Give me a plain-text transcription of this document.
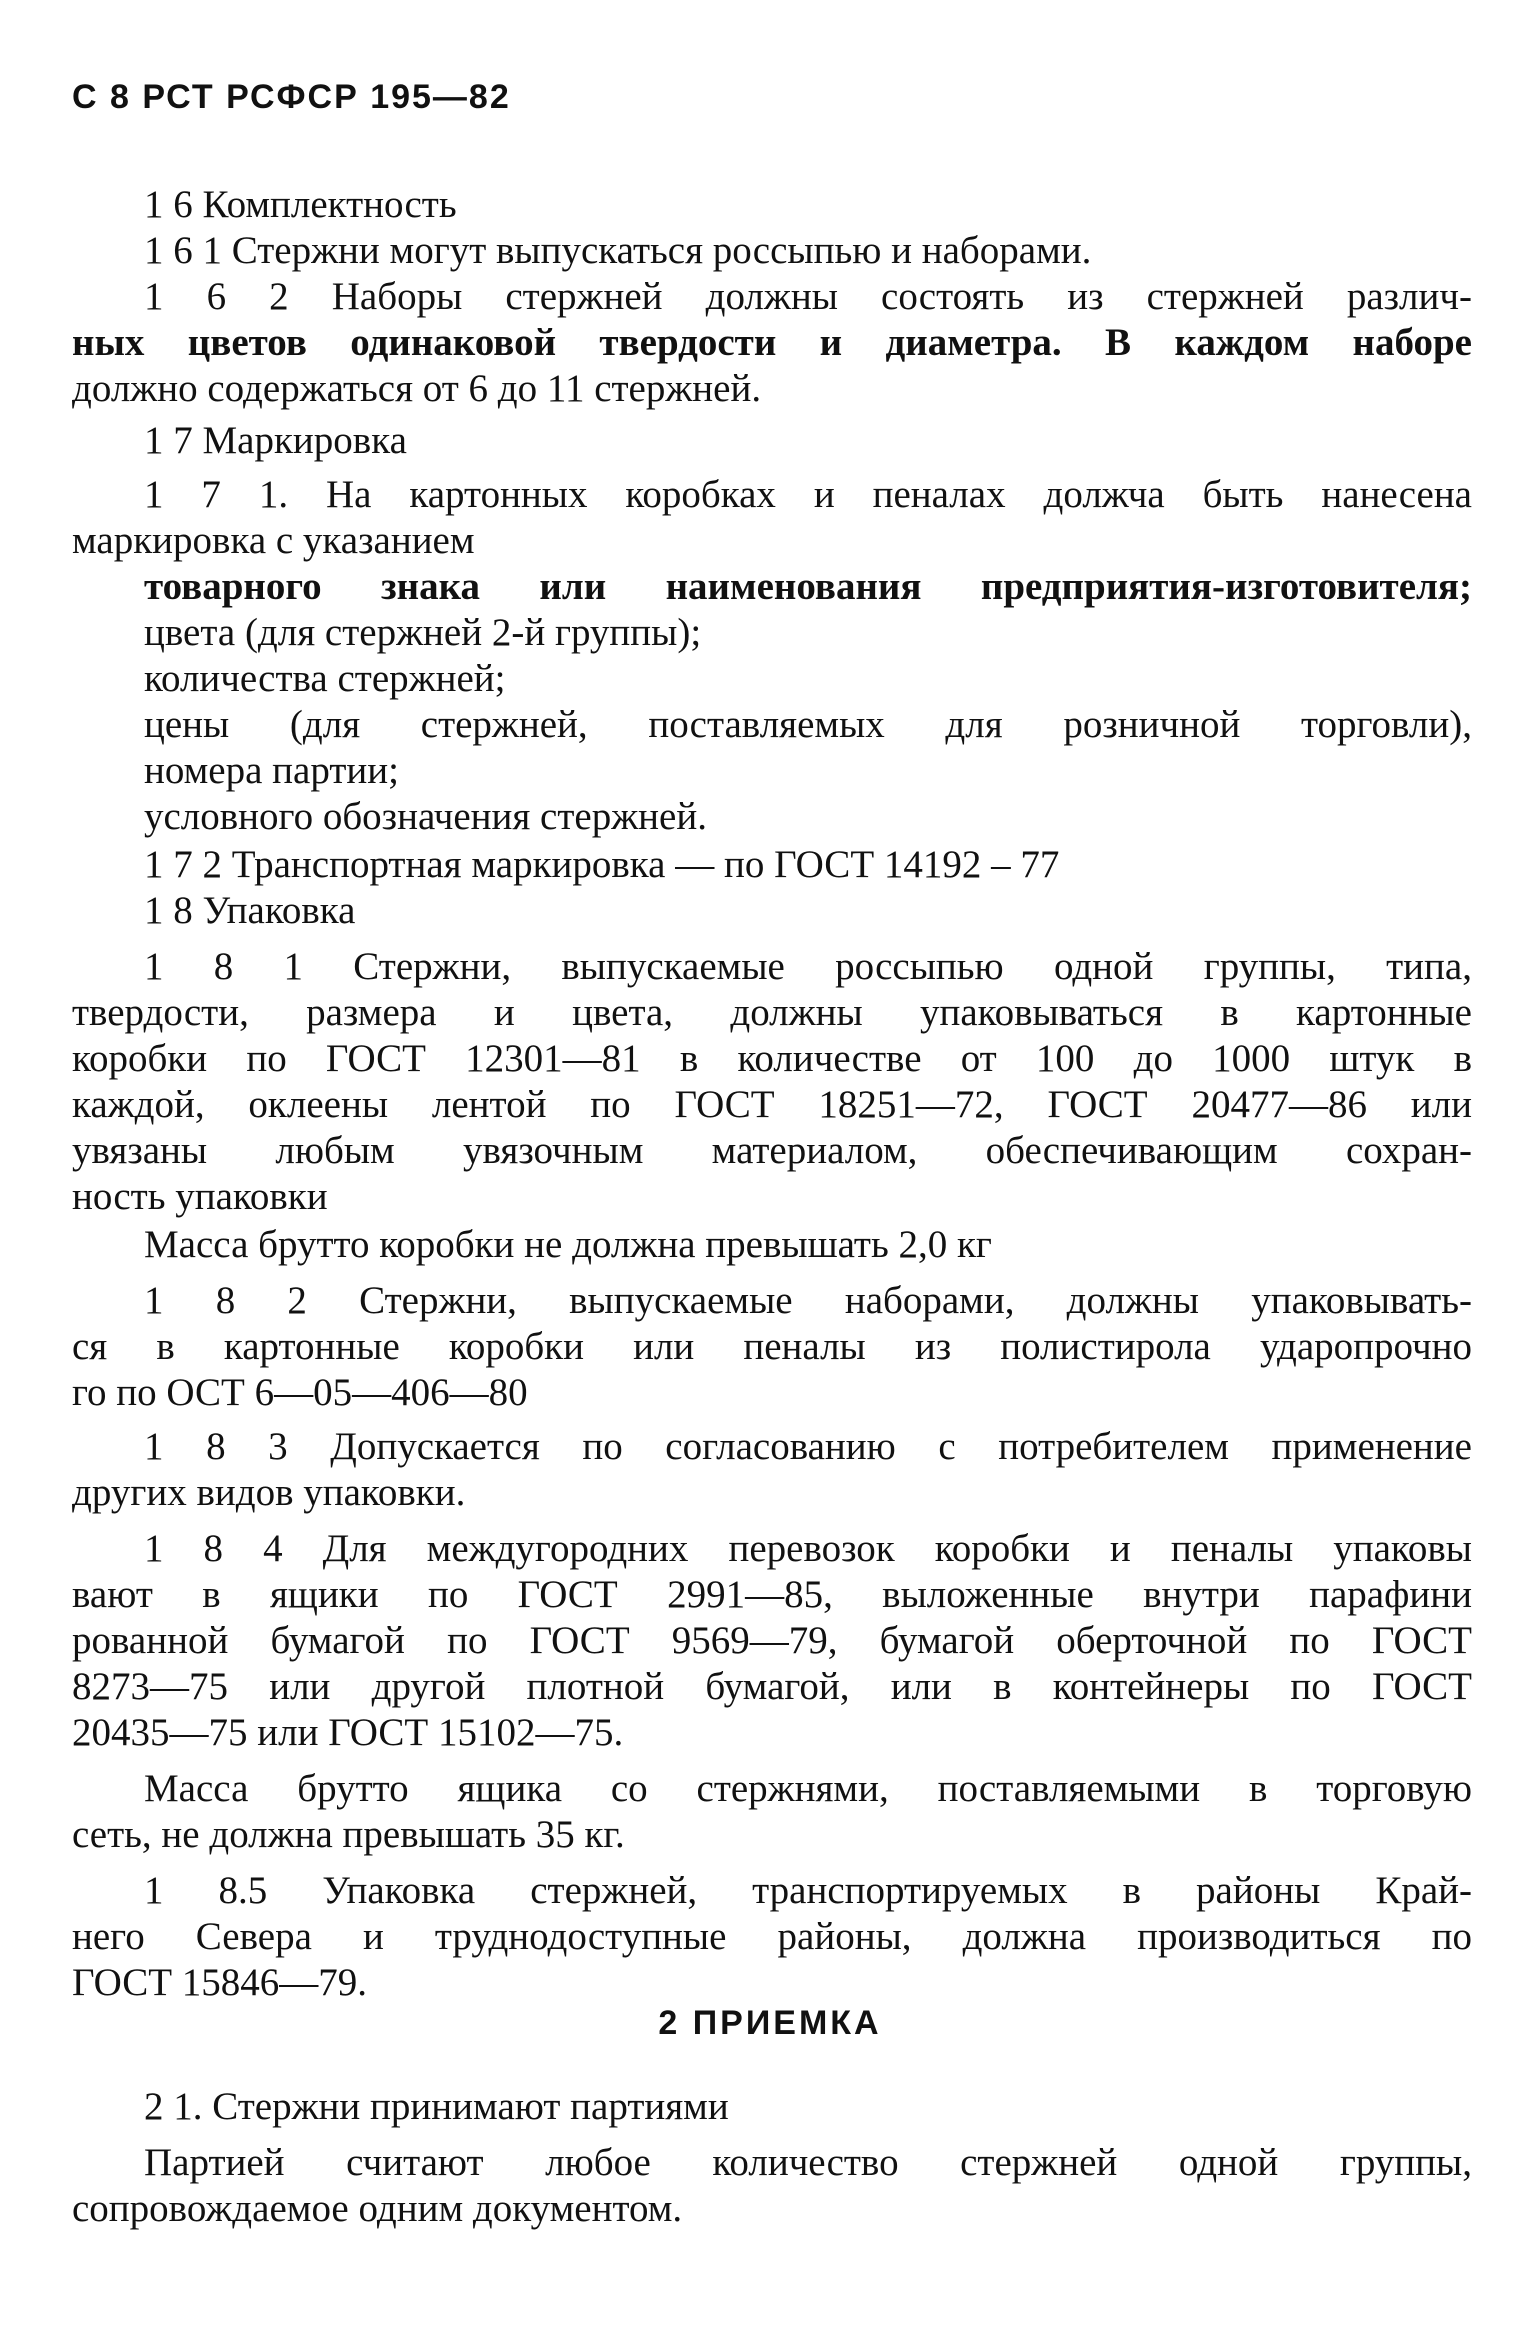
С 8 РСТ РСФСР 195—82
1 6 Комплектность
1 6 1 Стержни могут выпускаться россыпью и наборами.
1 6 2 Наборы стержней должны состоять из стержней различ-
ных цветов одинаковой твердости и диаметра. В каждом наборе
должно содержаться от 6 до 11 стержней.
1 7 Маркировка
1 7 1. На картонных коробках и пеналах должча быть нанесена
маркировка с указанием
товарного знака или наименования предприятия-изготовителя;
цвета (для стержней 2-й группы);
количества стержней;
цены (для стержней, поставляемых для розничной торговли),
номера партии;
условного обозначения стержней.
1 7 2 Транспортная маркировка — по ГОСТ 14192 – 77
1 8 Упаковка
1 8 1 Стержни, выпускаемые россыпью одной группы, типа,
твердости, размера и цвета, должны упаковываться в картонные
коробки по ГОСТ 12301—81 в количестве от 100 до 1000 штук в
каждой, оклеены лентой по ГОСТ 18251—72, ГОСТ 20477—86 или
увязаны любым увязочным материалом, обеспечивающим сохран-
ность упаковки
Масса брутто коробки не должна превышать 2,0 кг
1 8 2 Стержни, выпускаемые наборами, должны упаковывать-
ся в картонные коробки или пеналы из полистирола ударопрочно
го по ОСТ 6—05—406—80
1 8 3 Допускается по согласованию с потребителем применение
других видов упаковки.
1 8 4 Для междугородних перевозок коробки и пеналы упаковы
вают в ящики по ГОСТ 2991—85, выложенные внутри парафини
рованной бумагой по ГОСТ 9569—79, бумагой оберточной по ГОСТ
8273—75 или другой плотной бумагой, или в контейнеры по ГОСТ
20435—75 или ГОСТ 15102—75.
Масса брутто ящика со стержнями, поставляемыми в торговую
сеть, не должна превышать 35 кг.
1 8.5 Упаковка стержней, транспортируемых в районы Край-
него Севера и труднодоступные районы, должна производиться по
ГОСТ 15846—79.
2 1. Стержни принимают партиями
Партией считают любое количество стержней одной группы,
сопровождаемое одним документом.
2 ПРИЕМКА
